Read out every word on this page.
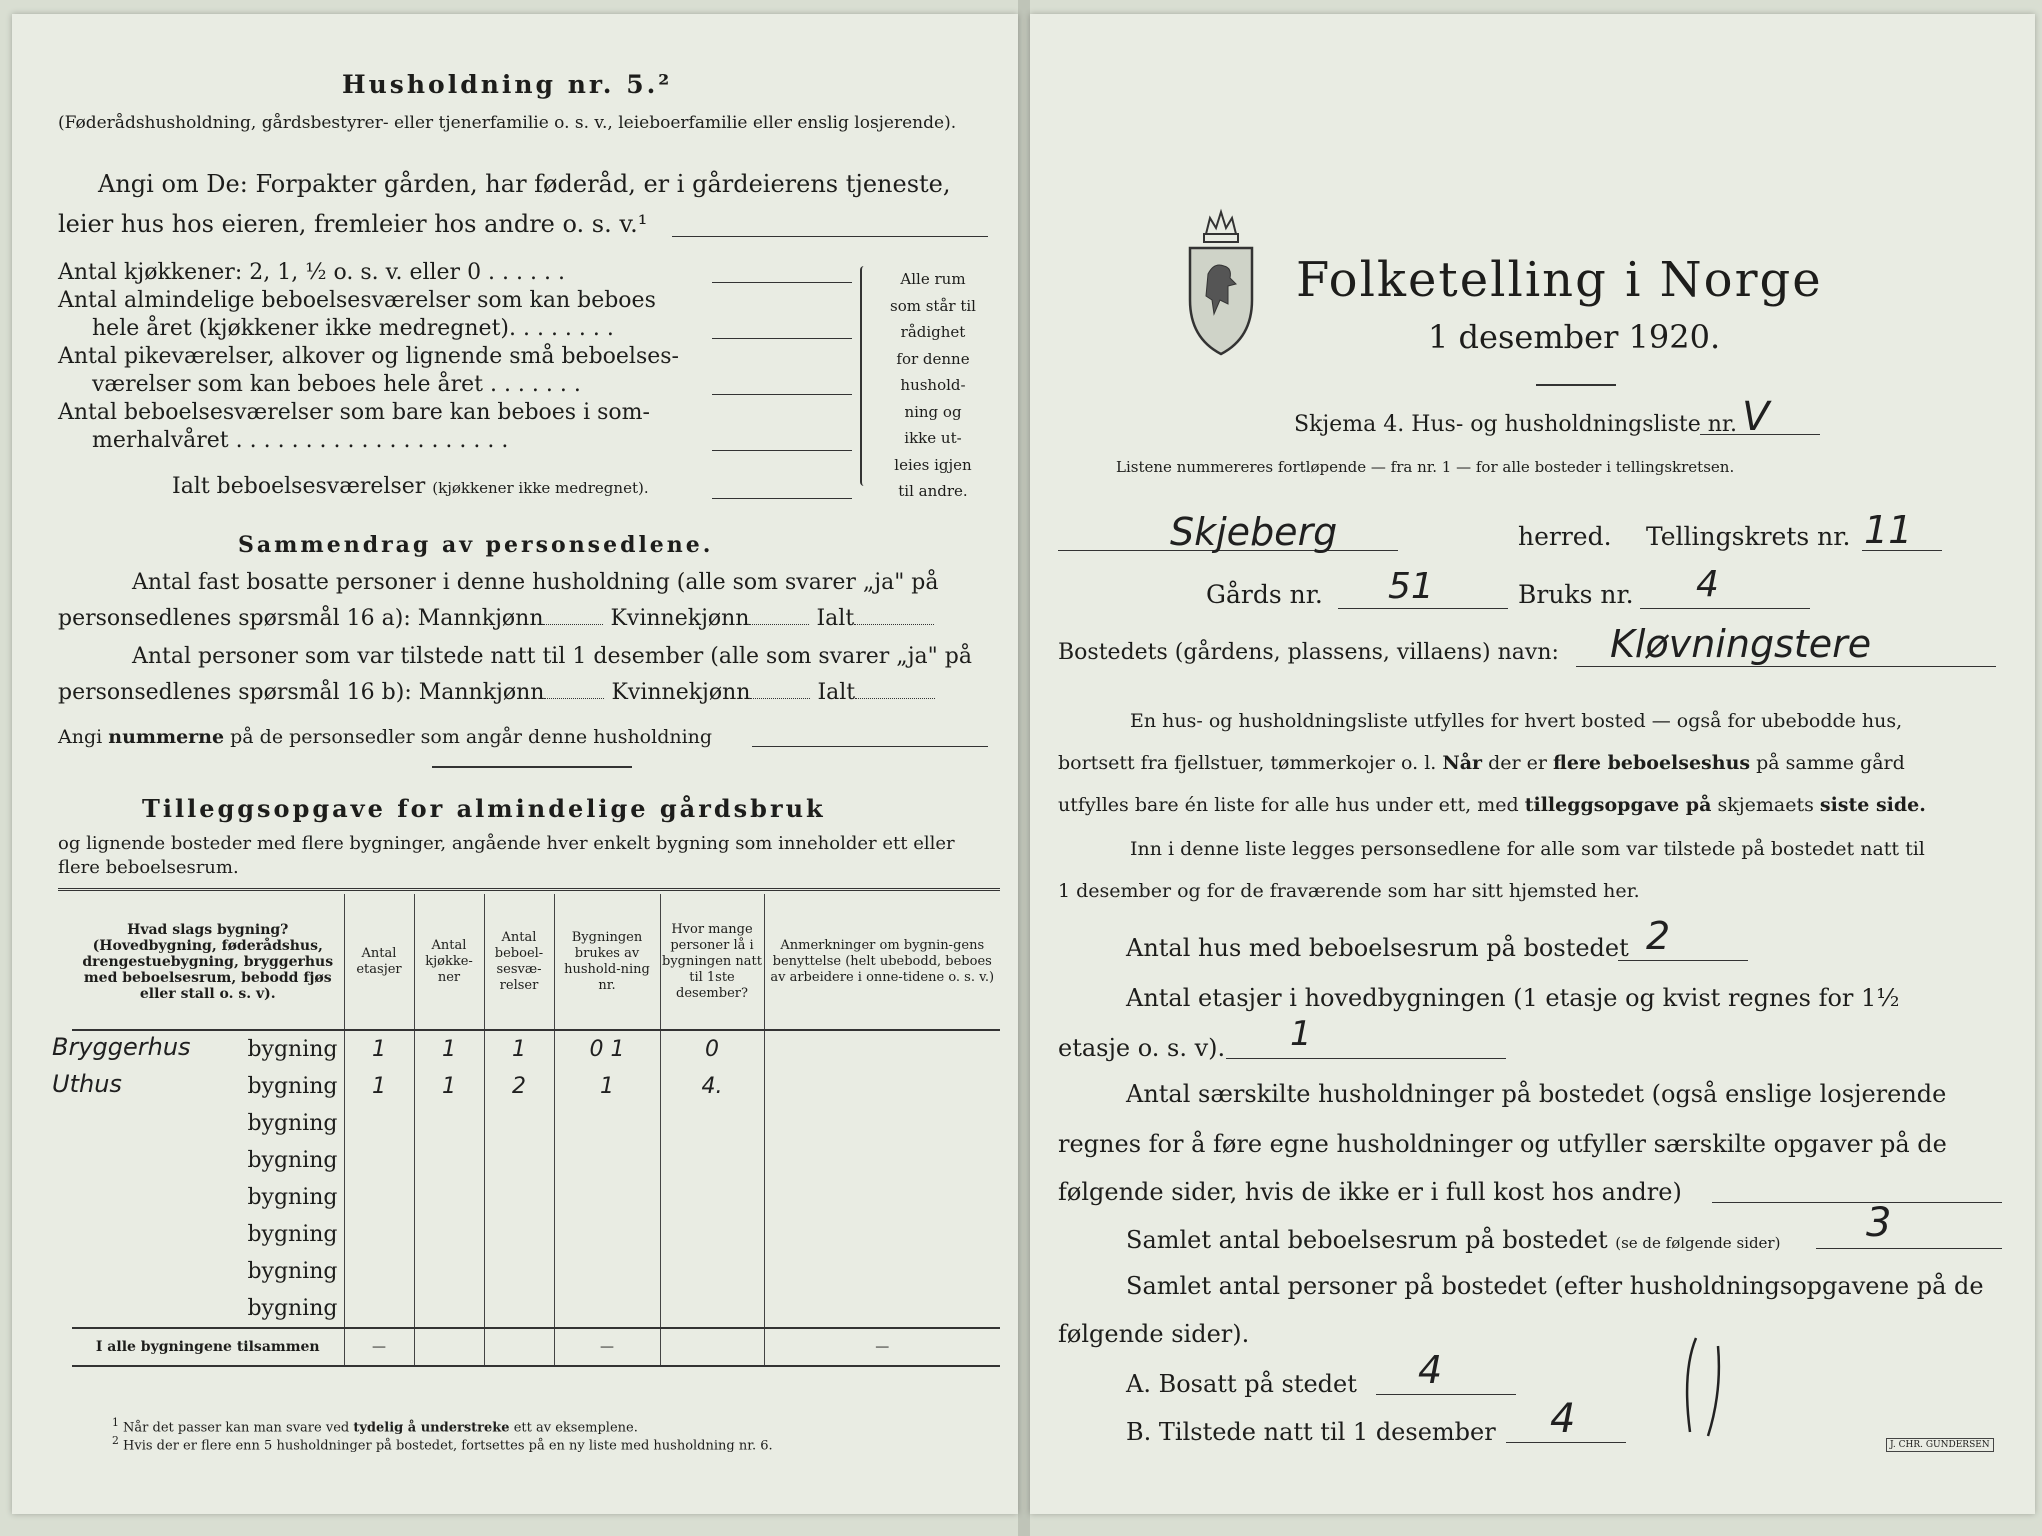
Husholdning nr. 5.²
(Føderådshusholdning, gårdsbestyrer- eller tjenerfamilie o. s. v., leieboerfamilie eller enslig losjerende).
Angi om De: Forpakter gården, har føderåd, er i gårdeierens tjeneste,
leier hus hos eieren, fremleier hos andre o. s. v.¹
Antal kjøkkener: 2, 1, ½ o. s. v. eller 0 . . . . . .
Antal almindelige beboelsesværelser som kan beboes
hele året (kjøkkener ikke medregnet). . . . . . . .
Antal pikeværelser, alkover og lignende små beboelses-
værelser som kan beboes hele året . . . . . . .
Antal beboelsesværelser som bare kan beboes i som-
merhalvåret . . . . . . . . . . . . . . . . . . . .
Ialt beboelsesværelser (kjøkkener ikke medregnet).
Alle rum
som står til
rådighet
for denne
hushold-
ning og
ikke ut-
leies igjen
til andre.
Sammendrag av personsedlene.
Antal fast bosatte personer i denne husholdning (alle som svarer „ja" på
personsedlenes spørsmål 16 a): Mannkjønn	Kvinnekjønn	Ialt
Antal personer som var tilstede natt til 1 desember (alle som svarer „ja" på
personsedlenes spørsmål 16 b): Mannkjønn	Kvinnekjønn	Ialt
Angi nummerne på de personsedler som angår denne husholdning
Tilleggsopgave for almindelige gårdsbruk
og lignende bosteder med flere bygninger, angående hver enkelt bygning som inneholder ett eller flere beboelsesrum.
Hvad slags bygning? (Hovedbygning, føderådshus, drengestuebygning, bryggerhus med beboelsesrum, bebodd fjøs eller stall o. s. v).	Antal etasjer	Antal kjøkke-ner	Antal beboel-sesvæ-relser	Bygningen brukes av hushold-ning nr.	Hvor mange personer lå i bygningen natt til 1ste desember?	Anmerkninger om bygnin-gens benyttelse (helt ubebodd, beboes av arbeidere i onne-tidene o. s. v.)

Bryggerhus bygning	1	1	1	0 1	0	

Uthus bygning	1	1	2	1	4.	

bygning						

bygning						

bygning						

bygning						

bygning						

bygning						
I alle bygningene tilsammen	—			—		—
$^1$ Når det passer kan man svare ved tydelig å understreke ett av eksemplene.
$^2$ Hvis der er flere enn 5 husholdninger på bostedet, fortsettes på en ny liste med husholdning nr. 6.
Folketelling i Norge
1 desember 1920.
Skjema 4. Hus- og husholdningsliste nr. V
Listene nummereres fortløpende — fra nr. 1 — for alle bosteder i tellingskretsen.
Skjeberg	herred. Tellingskrets nr. 11
Gårds nr. 51	Bruks nr. 4
Bostedets (gårdens, plassens, villaens) navn: Kløvningstere
En hus- og husholdningsliste utfylles for hvert bosted — også for ubebodde hus,
bortsett fra fjellstuer, tømmerkojer o. l. Når der er flere beboelseshus på samme gård
utfylles bare én liste for alle hus under ett, med tilleggsopgave på skjemaets siste side.
Inn i denne liste legges personsedlene for alle som var tilstede på bostedet natt til
1 desember og for de fraværende som har sitt hjemsted her.
Antal hus med beboelsesrum på bostedet 2
Antal etasjer i hovedbygningen (1 etasje og kvist regnes for 1½
etasje o. s. v). 1
Antal særskilte husholdninger på bostedet (også enslige losjerende
regnes for å føre egne husholdninger og utfyller særskilte opgaver på de
følgende sider, hvis de ikke er i full kost hos andre)
Samlet antal beboelsesrum på bostedet (se de følgende sider) 3
Samlet antal personer på bostedet (efter husholdningsopgavene på de
følgende sider).
A. Bosatt på stedet 4
B. Tilstede natt til 1 desember 4
J. CHR. GUNDERSEN
